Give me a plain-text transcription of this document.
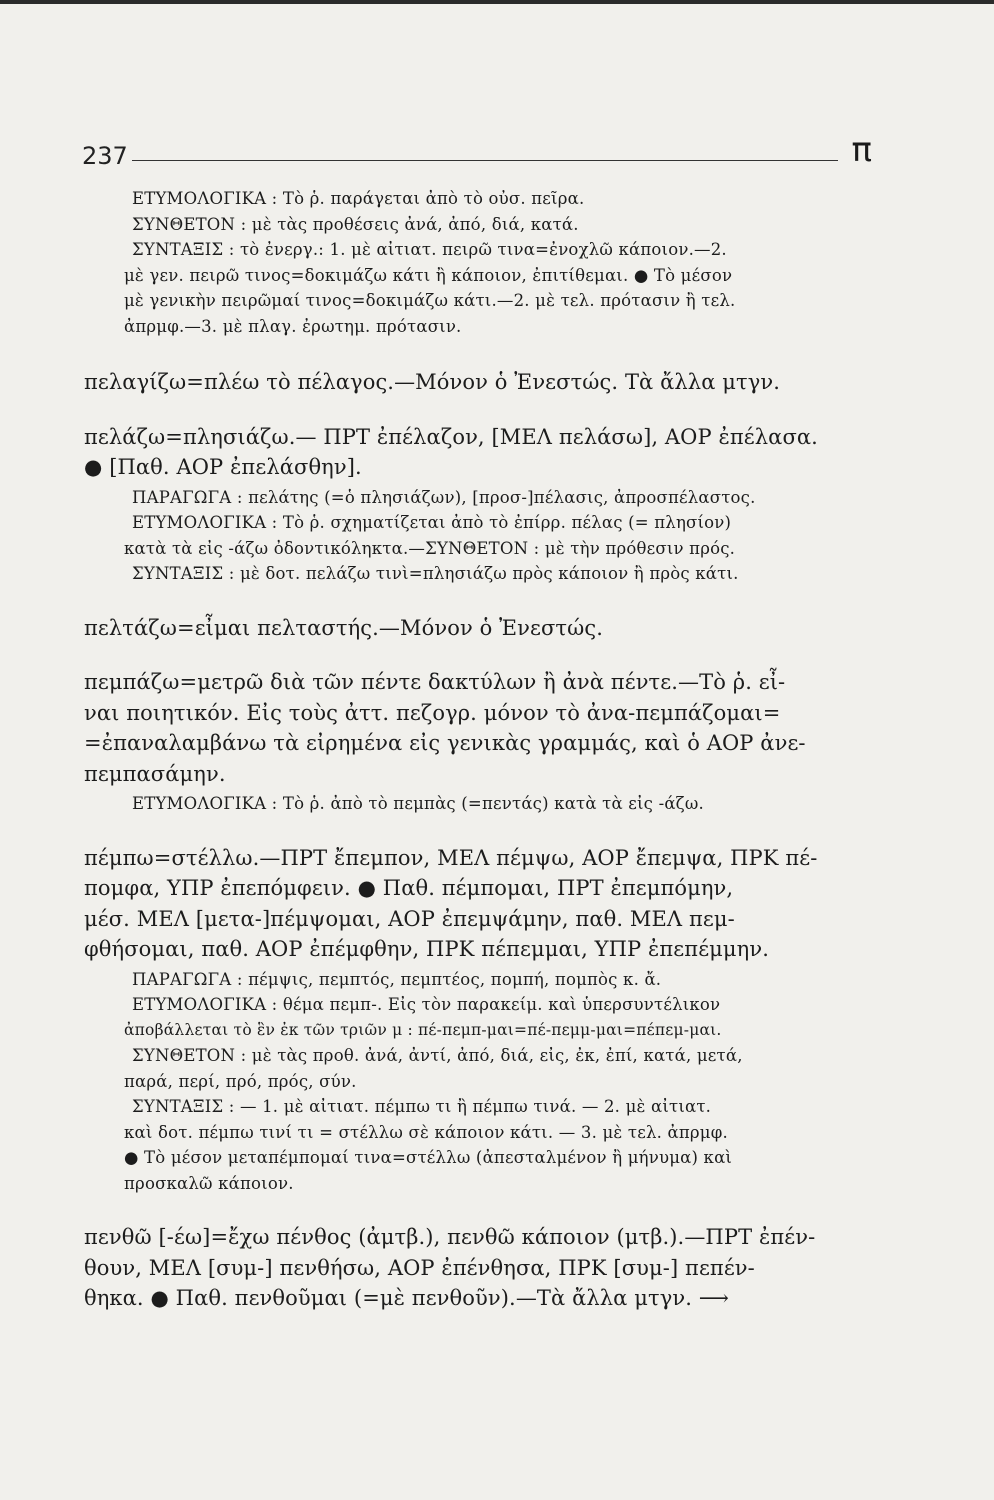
237	π
ΕΤΥΜΟΛΟΓΙΚΑ : Τὸ ῥ. παράγεται ἀπὸ τὸ οὐσ. πεῖρα.
ΣΥΝΘΕΤΟΝ : μὲ τὰς προθέσεις ἀνά, ἀπό, διά, κατά.
ΣΥΝΤΑΞΙΣ : τὸ ἐνεργ.: 1. μὲ αἰτιατ. πειρῶ τινα=ἐνοχλῶ κάποιον.—2.
μὲ γεν. πειρῶ τινος=δοκιμάζω κάτι ἢ κάποιον, ἐπιτίθεμαι. ● Τὸ μέσον
μὲ γενικὴν πειρῶμαί τινος=δοκιμάζω κάτι.—2. μὲ τελ. πρότασιν ἢ τελ.
ἀπρμφ.—3. μὲ πλαγ. ἐρωτημ. πρότασιν.
πελαγίζω=πλέω τὸ πέλαγος.—Μόνον ὁ Ἐνεστώς. Τὰ ἄλλα μτγν.
πελάζω=πλησιάζω.— ΠΡΤ ἐπέλαζον, [ΜΕΛ πελάσω], ΑΟΡ ἐπέλασα.
● [Παθ. ΑΟΡ ἐπελάσθην].
ΠΑΡΑΓΩΓΑ : πελάτης (=ὁ πλησιάζων), [προσ-]πέλασις, ἀπροσπέλαστος.
ΕΤΥΜΟΛΟΓΙΚΑ : Τὸ ῥ. σχηματίζεται ἀπὸ τὸ ἐπίρρ. πέλας (= πλησίον)
κατὰ τὰ εἰς -άζω ὀδοντικόληκτα.—ΣΥΝΘΕΤΟΝ : μὲ τὴν πρόθεσιν πρός.
ΣΥΝΤΑΞΙΣ : μὲ δοτ. πελάζω τινὶ=πλησιάζω πρὸς κάποιον ἢ πρὸς κάτι.
πελτάζω=εἶμαι πελταστής.—Μόνον ὁ Ἐνεστώς.
πεμπάζω=μετρῶ διὰ τῶν πέντε δακτύλων ἢ ἀνὰ πέντε.—Τὸ ῥ. εἶ-
ναι ποιητικόν. Εἰς τοὺς ἀττ. πεζογρ. μόνον τὸ ἀνα-πεμπάζομαι=
=ἐπαναλαμβάνω τὰ εἰρημένα εἰς γενικὰς γραμμάς, καὶ ὁ ΑΟΡ ἀνε-
πεμπασάμην.
ΕΤΥΜΟΛΟΓΙΚΑ : Τὸ ῥ. ἀπὸ τὸ πεμπὰς (=πεντάς) κατὰ τὰ εἰς -άζω.
πέμπω=στέλλω.—ΠΡΤ ἔπεμπον, ΜΕΛ πέμψω, ΑΟΡ ἔπεμψα, ΠΡΚ πέ-
πομφα, ΥΠΡ ἐπεπόμφειν. ● Παθ. πέμπομαι, ΠΡΤ ἐπεμπόμην,
μέσ. ΜΕΛ [μετα-]πέμψομαι, ΑΟΡ ἐπεμψάμην, παθ. ΜΕΛ πεμ-
φθήσομαι, παθ. ΑΟΡ ἐπέμφθην, ΠΡΚ πέπεμμαι, ΥΠΡ ἐπεπέμμην.
ΠΑΡΑΓΩΓΑ : πέμψις, πεμπτός, πεμπτέος, πομπή, πομπὸς κ. ἄ.
ΕΤΥΜΟΛΟΓΙΚΑ : θέμα πεμπ-. Εἰς τὸν παρακείμ. καὶ ὑπερσυντέλικον
ἀποβάλλεται τὸ ἓν ἐκ τῶν τριῶν μ : πέ-πεμπ-μαι=πέ-πεμμ-μαι=πέπεμ-μαι.
ΣΥΝΘΕΤΟΝ : μὲ τὰς προθ. ἀνά, ἀντί, ἀπό, διά, εἰς, ἐκ, ἐπί, κατά, μετά,
παρά, περί, πρό, πρός, σύν.
ΣΥΝΤΑΞΙΣ : — 1. μὲ αἰτιατ. πέμπω τι ἢ πέμπω τινά. — 2. μὲ αἰτιατ.
καὶ δοτ. πέμπω τινί τι = στέλλω σὲ κάποιον κάτι. — 3. μὲ τελ. ἀπρμφ.
● Τὸ μέσον μεταπέμπομαί τινα=στέλλω (ἀπεσταλμένον ἢ μήνυμα) καὶ
προσκαλῶ κάποιον.
πενθῶ [-έω]=ἔχω πένθος (ἀμτβ.), πενθῶ κάποιον (μτβ.).—ΠΡΤ ἐπέν-
θουν, ΜΕΛ [συμ-] πενθήσω, ΑΟΡ ἐπένθησα, ΠΡΚ [συμ-] πεπέν-
θηκα. ● Παθ. πενθοῦμαι (=μὲ πενθοῦν).—Τὰ ἄλλα μτγν. ⟶
